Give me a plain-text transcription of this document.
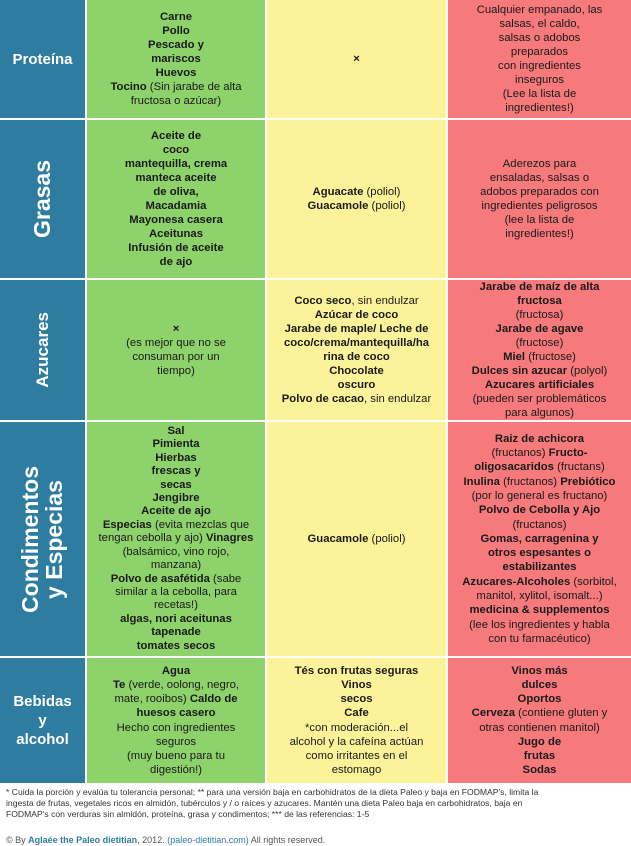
Proteína
Carne
Pollo
Pescado y
mariscos
Huevos
Tocino (Sin jarabe de alta
fructosa o azúcar)
×
Cualquier empanado, las
salsas, el caldo,
salsas o adobos
preparados
con ingredientes
inseguros
(Lee la lista de
ingredientes!)
Grasas
Aceite de
coco
mantequilla, crema
manteca aceite
de oliva,
Macadamia
Mayonesa casera
Aceitunas
Infusión de aceite
de ajo
Aguacate (poliol)
Guacamole (poliol)
Aderezos para
ensaladas, salsas o
adobos preparados con
ingredientes peligrosos
(lee la lista de
ingredientes!)
Azucares	×
(es mejor que no se
consuman por un
tiempo)
Coco seco, sin endulzar
Azúcar de coco
Jarabe de maple/ Leche de
coco/crema/mantequilla/ha
rina de coco
Chocolate
oscuro
Polvo de cacao, sin endulzar
Jarabe de maíz de alta
fructosa
(fructosa)
Jarabe de agave
(fructose)
Miel (fructose)
Dulces sin azucar (polyol)
Azucares artificiales
(pueden ser problemáticos
para algunos)
Condimentos
y Especias
Sal
Pimienta
Hierbas
frescas y
secas
Jengibre
Aceite de ajo
Especias (evita mezclas que
tengan cebolla y ajo) Vinagres
(balsámico, vino rojo,
manzana)
Polvo de asafétida (sabe
similar a la cebolla, para
recetas!)
algas, nori aceitunas
tapenade
tomates secos
Guacamole (poliol)
Raiz de achicora
(fructanos) Fructo-
oligosacaridos (fructans)
Inulina (fructanos) Prebiótico
(por lo general es fructano)
Polvo de Cebolla y Ajo
(fructanos)
Gomas, carragenina y
otros espesantes o
estabilizantes
Azucares-Alcoholes (sorbitol,
manitol, xylitol, isomalt...)
medicina & supplementos
(lee los ingredientes y habla
con tu farmacéutico)
Bebidas
y
alcohol
Agua
Te (verde, oolong, negro,
mate, rooibos) Caldo de
huesos casero
Hecho con ingredientes
seguros
(muy bueno para tu
digestión!)
Tés con frutas seguras
Vinos
secos
Cafe
*con moderación...el
alcohol y la cafeína actúan
como irritantes en el
estomago
Vinos más
dulces
Oportos
Cerveza (contiene gluten y
otras contienen manitol)
Jugo de
frutas
Sodas
* Cuida la porción y evalúa tu tolerancia personal; ** para una versión baja en carbohidratos de la dieta Paleo y baja en FODMAP's, limita la
ingesta de frutas, vegetales ricos en almidón, tubérculos y / o raíces y azucares. Mantén una dieta Paleo baja en carbohidratos, baja en
FODMAP's con verduras sin almidón, proteína, grasa y condimentos; *** de las referencias: 1-5
© By Aglaée the Paleo dietitian, 2012. (paleo-dietitian.com) All rights reserved.
